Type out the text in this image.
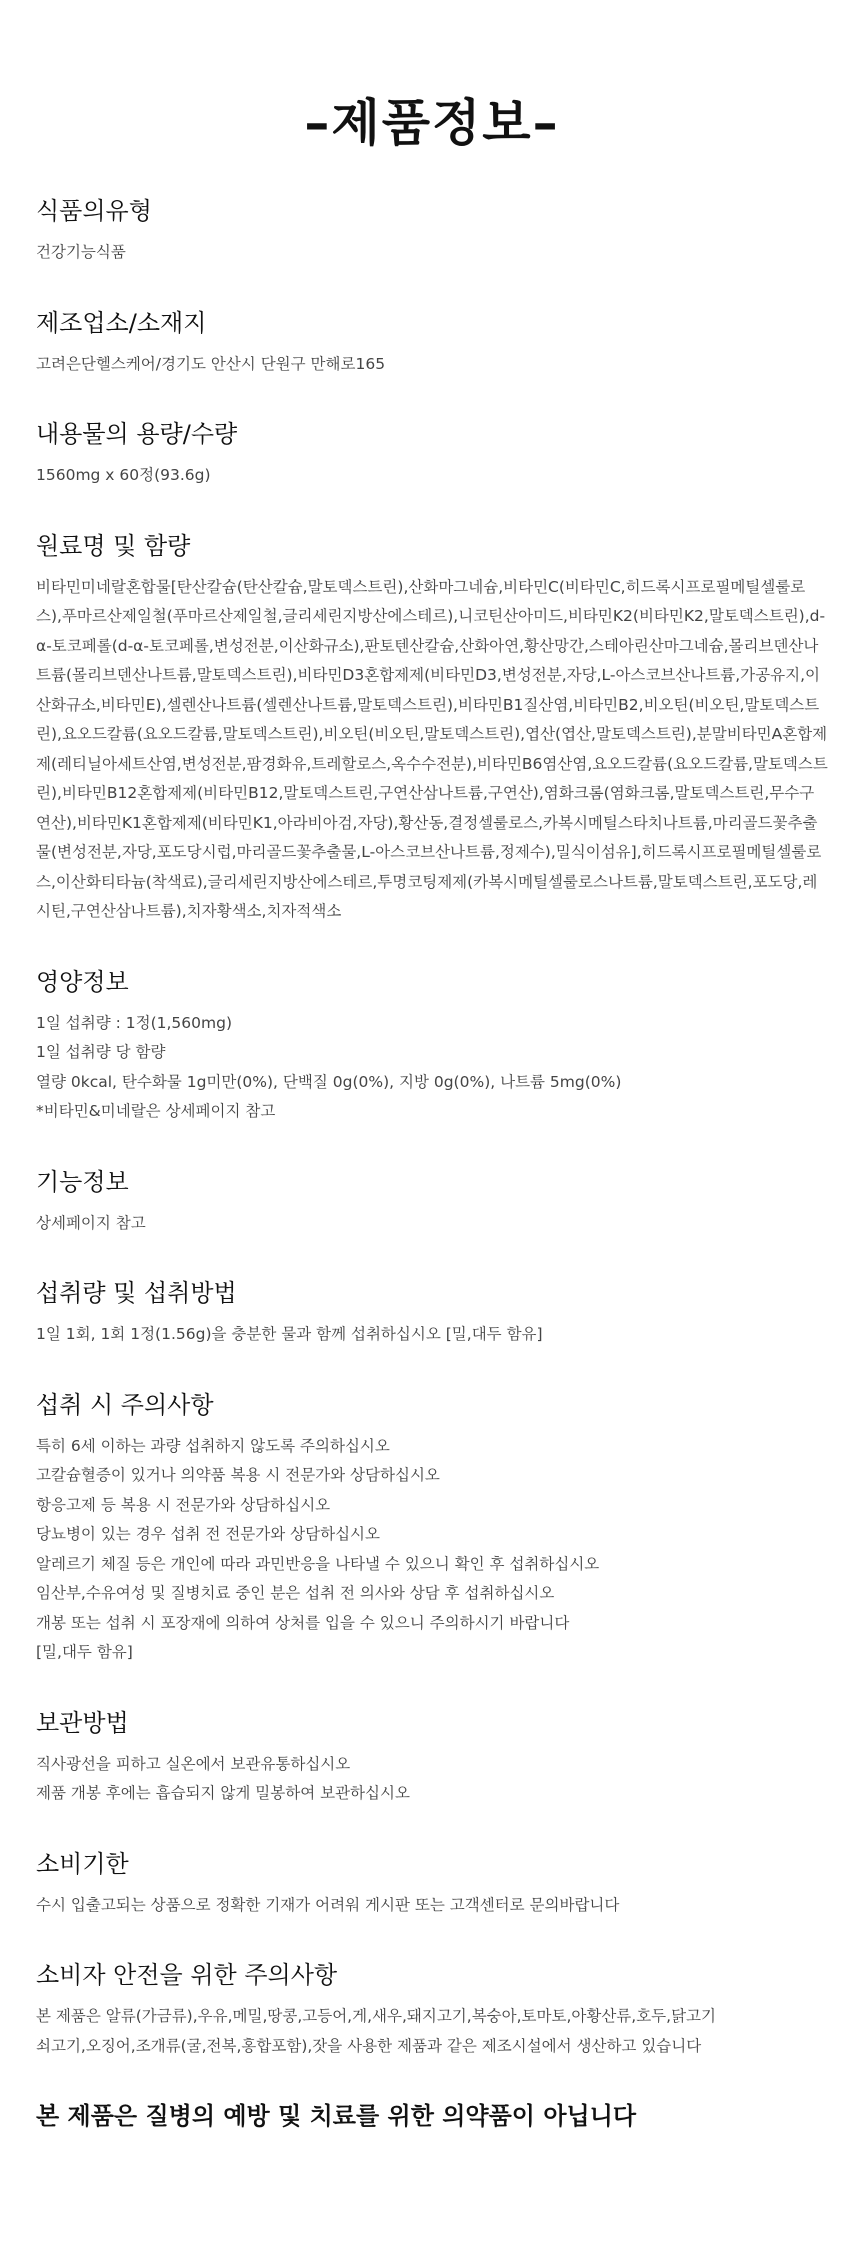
–제품정보–
식품의유형

건강기능식품

제조업소/소재지

고려은단헬스케어/경기도 안산시 단원구 만해로165

내용물의 용량/수량

1560mg x 60정(93.6g)

원료명 및 함량

비타민미네랄혼합물[탄산칼슘(탄산칼슘,말토덱스트린),산화마그네슘,비타민C(비타민C,히드록시프로필메틸셀룰로스),푸마르산제일철(푸마르산제일철,글리세린지방산에스테르),니코틴산아미드,비타민K2(비타민K2,말토덱스트린),d-α-토코페롤(d-α-토코페롤,변성전분,이산화규소),판토텐산칼슘,산화아연,황산망간,스테아린산마그네슘,몰리브덴산나트륨(몰리브덴산나트륨,말토덱스트린),비타민D3혼합제제(비타민D3,변성전분,자당,L-아스코브산나트륨,가공유지,이산화규소,비타민E),셀렌산나트륨(셀렌산나트륨,말토덱스트린),비타민B1질산염,비타민B2,비오틴(비오틴,말토덱스트린),요오드칼륨(요오드칼륨,말토덱스트린),비오틴(비오틴,말토덱스트린),엽산(엽산,말토덱스트린),분말비타민A혼합제제(레티닐아세트산염,변성전분,팜경화유,트레할로스,옥수수전분),비타민B6염산염,요오드칼륨(요오드칼륨,말토덱스트린),비타민B12혼합제제(비타민B12,말토덱스트린,구연산삼나트륨,구연산),염화크롬(염화크롬,말토덱스트린,무수구연산),비타민K1혼합제제(비타민K1,아라비아검,자당),황산동,결정셀룰로스,카복시메틸스타치나트륨,마리골드꽃추출물(변성전분,자당,포도당시럽,마리골드꽃추출물,L-아스코브산나트륨,정제수),밀식이섬유],히드록시프로필메틸셀룰로스,이산화티타늄(착색료),글리세린지방산에스테르,투명코팅제제(카복시메틸셀룰로스나트륨,말토덱스트린,포도당,레시틴,구연산삼나트륨),치자황색소,치자적색소

영양정보

1일 섭취량 : 1정(1,560mg)
1일 섭취량 당 함량
열량 0kcal, 탄수화물 1g미만(0%), 단백질 0g(0%), 지방 0g(0%), 나트륨 5mg(0%)
*비타민&미네랄은 상세페이지 참고

기능정보

상세페이지 참고

섭취량 및 섭취방법

1일 1회, 1회 1정(1.56g)을 충분한 물과 함께 섭취하십시오 [밀,대두 함유]

섭취 시 주의사항

특히 6세 이하는 과량 섭취하지 않도록 주의하십시오
고칼슘혈증이 있거나 의약품 복용 시 전문가와 상담하십시오
항응고제 등 복용 시 전문가와 상담하십시오
당뇨병이 있는 경우 섭취 전 전문가와 상담하십시오
알레르기 체질 등은 개인에 따라 과민반응을 나타낼 수 있으니 확인 후 섭취하십시오
임산부,수유여성 및 질병치료 중인 분은 섭취 전 의사와 상담 후 섭취하십시오
개봉 또는 섭취 시 포장재에 의하여 상처를 입을 수 있으니 주의하시기 바랍니다
[밀,대두 함유]

보관방법

직사광선을 피하고 실온에서 보관유통하십시오
제품 개봉 후에는 흡습되지 않게 밀봉하여 보관하십시오

소비기한

수시 입출고되는 상품으로 정확한 기재가 어려워 게시판 또는 고객센터로 문의바랍니다

소비자 안전을 위한 주의사항

본 제품은 알류(가금류),우유,메밀,땅콩,고등어,게,새우,돼지고기,복숭아,토마토,아황산류,호두,닭고기
쇠고기,오징어,조개류(굴,전복,홍합포함),잣을 사용한 제품과 같은 제조시설에서 생산하고 있습니다

본 제품은 질병의 예방 및 치료를 위한 의약품이 아닙니다
